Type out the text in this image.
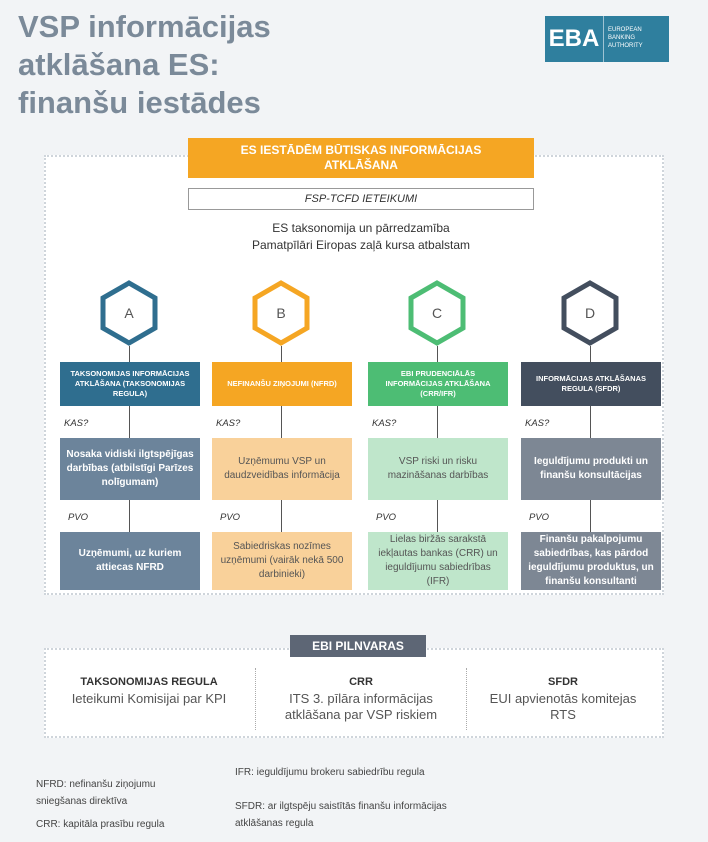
VSP informācijas atklāšana ES: finanšu iestādes
EBA	EUROPEAN
BANKING
AUTHORITY
ES IESTĀDĒM BŪTISKAS INFORMĀCIJAS ATKLĀŠANA
FSP-TCFD IETEIKUMI
ES taksonomija un pārredzamība
Pamatpīlāri Eiropas zaļā kursa atbalstam
A
TAKSONOMIJAS INFORMĀCIJAS ATKLĀŠANA (TAKSONOMIJAS REGULA)
KAS?
Nosaka vidiski ilgtspējīgas darbības (atbilstīgi Parīzes nolīgumam)
PVO
Uzņēmumi, uz kuriem attiecas NFRD
B
NEFINANŠU ZIŅOJUMI (NFRD)
KAS?
Uzņēmumu VSP un daudzveidības informācija
PVO
Sabiedriskas nozīmes uzņēmumi (vairāk nekā 500 darbinieki)
C
EBI PRUDENCIĀLĀS INFORMĀCIJAS ATKLĀŠANA (CRR/IFR)
KAS?
VSP riski un risku mazināšanas darbības
PVO
Lielas biržās sarakstā iekļautas bankas (CRR) un ieguldījumu sabiedrības (IFR)
D
INFORMĀCIJAS ATKLĀŠANAS REGULA (SFDR)
KAS?
Ieguldījumu produkti un finanšu konsultācijas
PVO
Finanšu pakalpojumu sabiedrības, kas pārdod ieguldījumu produktus, un finanšu konsultanti
EBI PILNVARAS
TAKSONOMIJAS REGULA
Ieteikumi Komisijai par KPI
CRR
ITS 3. pīlāra informācijas atklāšana par VSP riskiem
SFDR
EUI apvienotās komitejas RTS
NFRD: nefinanšu ziņojumu sniegšanas direktīva
CRR: kapitāla prasību regula
IFR: ieguldījumu brokeru sabiedrību regula
SFDR: ar ilgtspēju saistītās finanšu informācijas atklāšanas regula
